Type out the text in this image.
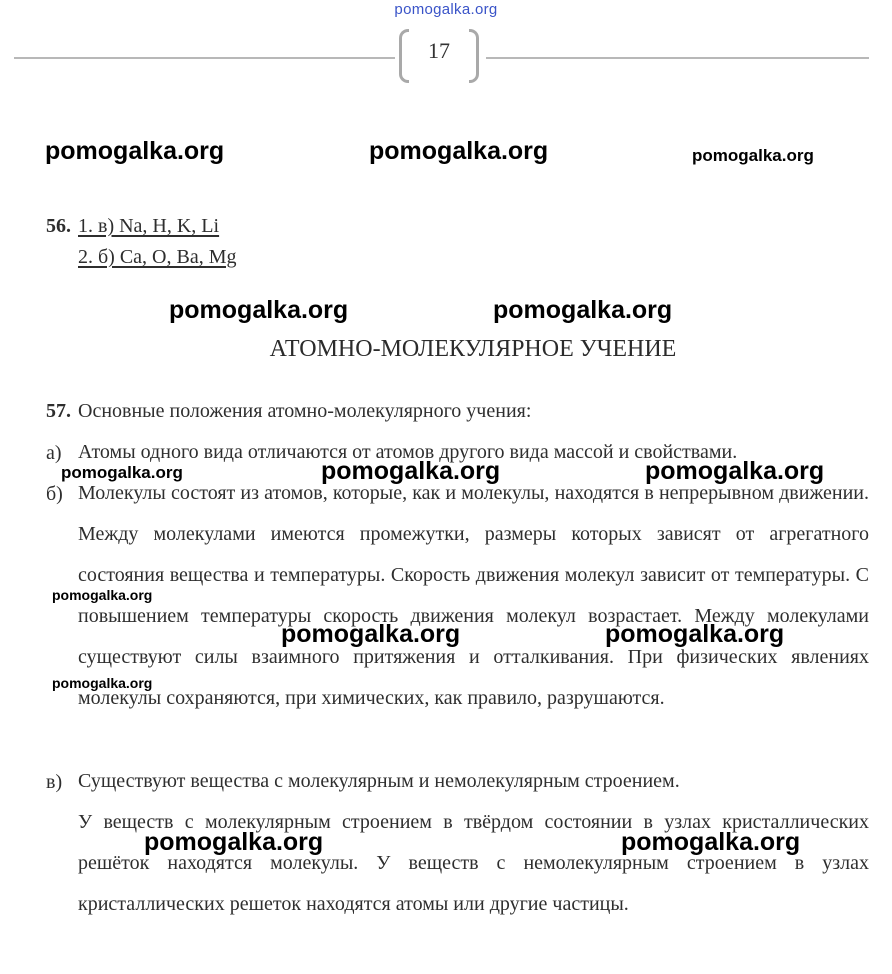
pomogalka.org
17
pomogalka.org	pomogalka.org	pomogalka.org
pomogalka.org	pomogalka.org
pomogalka.org	pomogalka.org	pomogalka.org
pomogalka.org
pomogalka.org	pomogalka.org
pomogalka.org
pomogalka.org	pomogalka.org
56. 1. в) Na, H, K, Li
2. б) Ca, O, Ba, Mg
АТОМНО-МОЛЕКУЛЯРНОЕ УЧЕНИЕ
57. Основные положения атомно-молекулярного учения:
а) Атомы одного вида отличаются от атомов другого вида массой и свойствами.
б) Молекулы состоят из атомов, которые, как и молекулы, находятся в непрерывном движении. Между молекулами имеются промежутки, размеры которых зависят от агрегатного состояния вещества и температуры. Скорость движения молекул зависит от температуры. С повышением температуры скорость движения молекул возрастает. Между молекулами существуют силы взаимного притяжения и отталкивания. При физических явлениях молекулы сохраняются, при химических, как правило, разрушаются.
в) Существуют вещества с молекулярным и немолекулярным строением.
У веществ с молекулярным строением в твёрдом состоянии в узлах кристаллических решёток находятся молекулы. У веществ с немолекулярным строением в узлах кристаллических решеток находятся атомы или другие частицы.
